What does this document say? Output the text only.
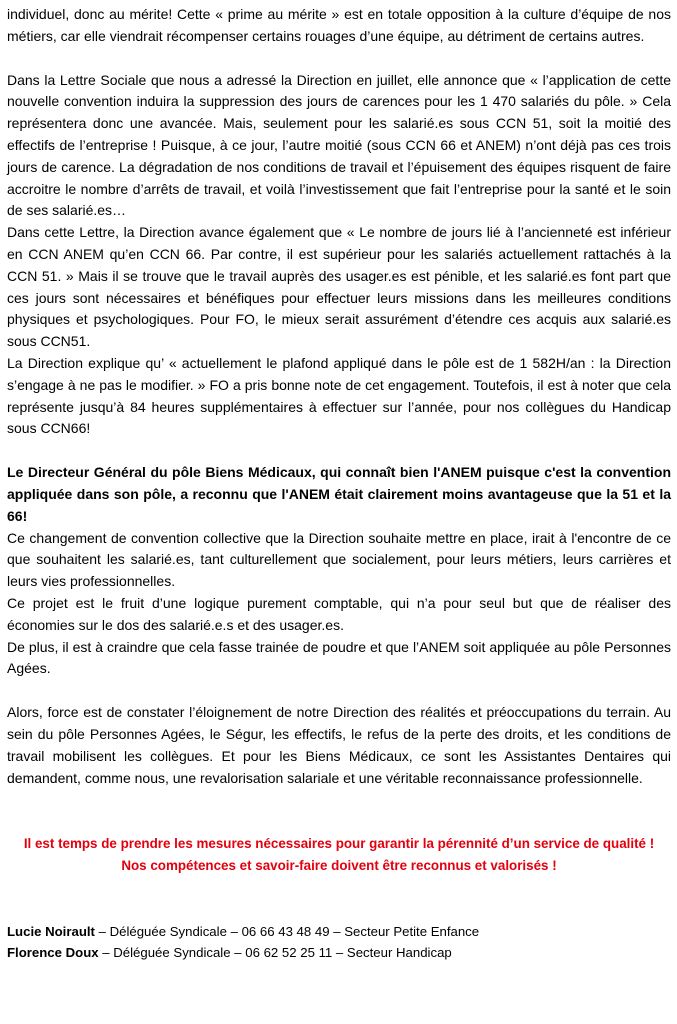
individuel, donc au mérite! Cette « prime au mérite » est en totale opposition à la culture d’équipe de nos métiers, car elle viendrait récompenser certains rouages d’une équipe, au détriment de certains autres.

Dans la Lettre Sociale que nous a adressé la Direction en juillet, elle annonce que « l’application de cette nouvelle convention induira la suppression des jours de carences pour les 1 470 salariés du pôle. » Cela représentera donc une avancée. Mais, seulement pour les salarié.es sous CCN 51, soit la moitié des effectifs de l’entreprise ! Puisque, à ce jour, l’autre moitié (sous CCN 66 et ANEM) n’ont déjà pas ces trois jours de carence. La dégradation de nos conditions de travail et l’épuisement des équipes risquent de faire accroitre le nombre d’arrêts de travail, et voilà l’investissement que fait l’entreprise pour la santé et le soin de ses salarié.es…

Dans cette Lettre, la Direction avance également que « Le nombre de jours lié à l’ancienneté est inférieur en CCN ANEM qu’en CCN 66. Par contre, il est supérieur pour les salariés actuellement rattachés à la CCN 51. » Mais il se trouve que le travail auprès des usager.es est pénible, et les salarié.es font part que ces jours sont nécessaires et bénéfiques pour effectuer leurs missions dans les meilleures conditions physiques et psychologiques. Pour FO, le mieux serait assurément d’étendre ces acquis aux salarié.es sous CCN51.

La Direction explique qu’ « actuellement le plafond appliqué dans le pôle est de 1 582H/an : la Direction s’engage à ne pas le modifier. » FO a pris bonne note de cet engagement. Toutefois, il est à noter que cela représente jusqu’à 84 heures supplémentaires à effectuer sur l’année, pour nos collègues du Handicap sous CCN66!

Le Directeur Général du pôle Biens Médicaux, qui connaît bien l'ANEM puisque c'est la convention appliquée dans son pôle, a reconnu que l'ANEM était clairement moins avantageuse que la 51 et la 66!

Ce changement de convention collective que la Direction souhaite mettre en place, irait à l'encontre de ce que souhaitent les salarié.es, tant culturellement que socialement, pour leurs métiers, leurs carrières et leurs vies professionnelles.

Ce projet est le fruit d’une logique purement comptable, qui n’a pour seul but que de réaliser des économies sur le dos des salarié.e.s et des usager.es.

De plus, il est à craindre que cela fasse trainée de poudre et que l’ANEM soit appliquée au pôle Personnes Agées.

Alors, force est de constater l’éloignement de notre Direction des réalités et préoccupations du terrain. Au sein du pôle Personnes Agées, le Ségur, les effectifs, le refus de la perte des droits, et les conditions de travail mobilisent les collègues. Et pour les Biens Médicaux, ce sont les Assistantes Dentaires qui demandent, comme nous, une revalorisation salariale et une véritable reconnaissance professionnelle.

Il est temps de prendre les mesures nécessaires pour garantir la pérennité d’un service de qualité !

Nos compétences et savoir-faire doivent être reconnus et valorisés !

Lucie Noirault – Déléguée Syndicale – 06 66 43 48 49 – Secteur Petite Enfance

Florence Doux – Déléguée Syndicale – 06 62 52 25 11 – Secteur Handicap
